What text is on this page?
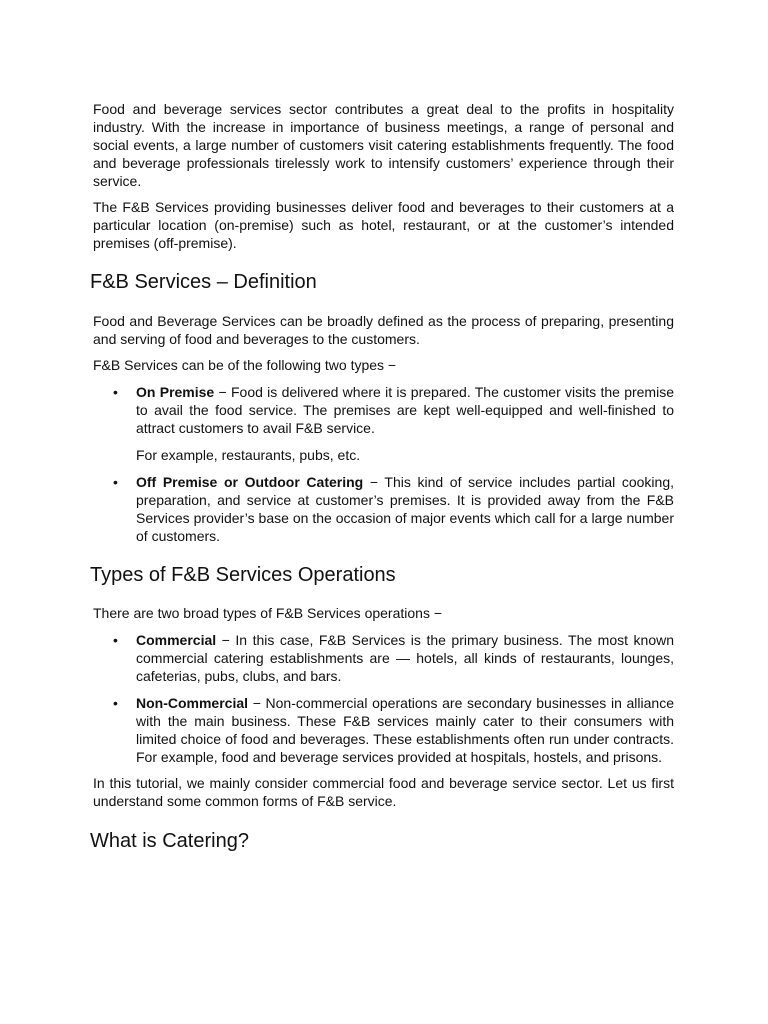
Food and beverage services sector contributes a great deal to the profits in hospitality industry. With the increase in importance of business meetings, a range of personal and social events, a large number of customers visit catering establishments frequently. The food and beverage professionals tirelessly work to intensify customers’ experience through their service.

The F&B Services providing businesses deliver food and beverages to their customers at a particular location (on-premise) such as hotel, restaurant, or at the customer’s intended premises (off-premise).

F&B Services – Definition

Food and Beverage Services can be broadly defined as the process of preparing, presenting and serving of food and beverages to the customers.

F&B Services can be of the following two types −

• On Premise − Food is delivered where it is prepared. The customer visits the premise to avail the food service. The premises are kept well-equipped and well-finished to attract customers to avail F&B service.

For example, restaurants, pubs, etc.

• Off Premise or Outdoor Catering − This kind of service includes partial cooking, preparation, and service at customer’s premises. It is provided away from the F&B Services provider’s base on the occasion of major events which call for a large number of customers.

Types of F&B Services Operations

There are two broad types of F&B Services operations −

• Commercial − In this case, F&B Services is the primary business. The most known commercial catering establishments are — hotels, all kinds of restaurants, lounges, cafeterias, pubs, clubs, and bars.

• Non-Commercial − Non-commercial operations are secondary businesses in alliance with the main business. These F&B services mainly cater to their consumers with limited choice of food and beverages. These establishments often run under contracts. For example, food and beverage services provided at hospitals, hostels, and prisons.

In this tutorial, we mainly consider commercial food and beverage service sector. Let us first understand some common forms of F&B service.

What is Catering?
